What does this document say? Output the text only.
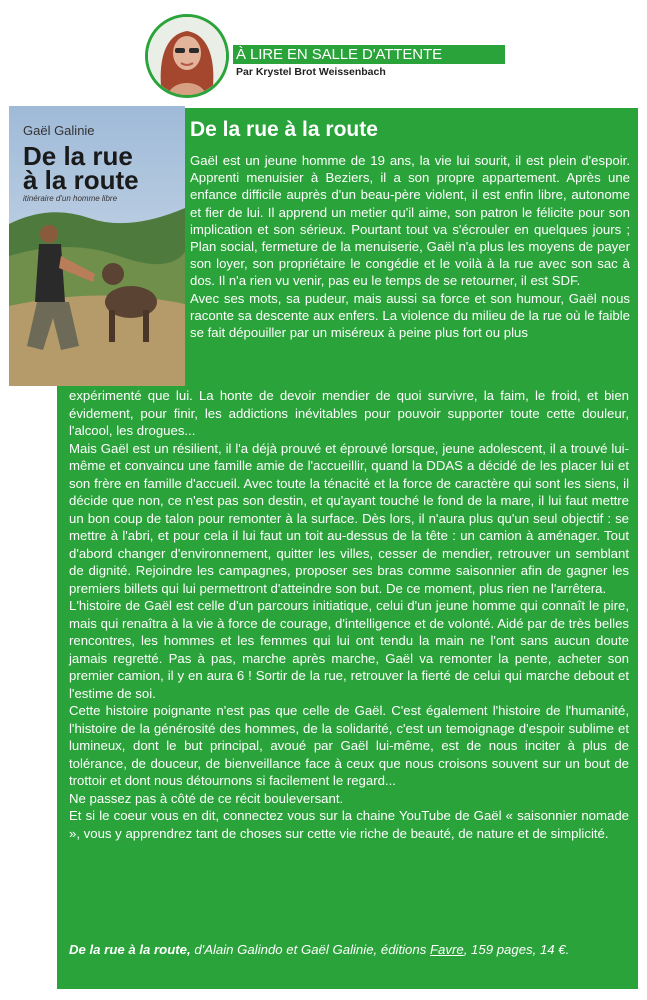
À LIRE EN SALLE D'ATTENTE
Par Krystel Brot Weissenbach
De la rue à la route

Gaël est un jeune homme de 19 ans, la vie lui sourit, il est plein d'espoir. Apprenti menuisier à Beziers, il a son propre appartement. Après une enfance difficile auprès d'un beau-père violent, il est enfin libre, autonome et fier de lui. Il apprend un metier qu'il aime, son patron le félicite pour son implication et son sérieux. Pourtant tout va s'écrouler en quelques jours ; Plan social, fermeture de la menuiserie, Gaël n'a plus les moyens de payer son loyer, son propriétaire le congédie et le voilà à la rue avec son sac à dos. Il n'a rien vu venir, pas eu le temps de se retourner, il est SDF.

Avec ses mots, sa pudeur, mais aussi sa force et son humour, Gaël nous raconte sa descente aux enfers. La violence du milieu de la rue où le faible se fait dépouiller par un miséreux à peine plus fort ou plus

expérimenté que lui. La honte de devoir mendier de quoi survivre, la faim, le froid, et bien évidement, pour finir, les addictions inévitables pour pouvoir supporter toute cette douleur, l'alcool, les drogues...

Mais Gaël est un résilient, il l'a déjà prouvé et éprouvé lorsque, jeune adolescent, il a trouvé lui-même et convaincu une famille amie de l'accueillir, quand la DDAS a décidé de les placer lui et son frère en famille d'accueil. Avec toute la ténacité et la force de caractère qui sont les siens, il décide que non, ce n'est pas son destin, et qu'ayant touché le fond de la mare, il lui faut mettre un bon coup de talon pour remonter à la surface. Dès lors, il n'aura plus qu'un seul objectif : se mettre à l'abri, et pour cela il lui faut un toit au-dessus de la tête : un camion à aménager. Tout d'abord changer d'environnement, quitter les villes, cesser de mendier, retrouver un semblant de dignité. Rejoindre les campagnes, proposer ses bras comme saisonnier afin de gagner les premiers billets qui lui permettront d'atteindre son but. De ce moment, plus rien ne l'arrêtera.

L'histoire de Gaël est celle d'un parcours initiatique, celui d'un jeune homme qui connaît le pire, mais qui renaîtra à la vie à force de courage, d'intelligence et de volonté. Aidé par de très belles rencontres, les hommes et les femmes qui lui ont tendu la main ne l'ont sans aucun doute jamais regretté. Pas à pas, marche après marche, Gaël va remonter la pente, acheter son premier camion, il y en aura 6 ! Sortir de la rue, retrouver la fierté de celui qui marche debout et l'estime de soi.

Cette histoire poignante n'est pas que celle de Gaël. C'est également l'histoire de l'humanité, l'histoire de la générosité des hommes, de la solidarité, c'est un temoignage d'espoir sublime et lumineux, dont le but principal, avoué par Gaël lui-même, est de nous inciter à plus de tolérance, de douceur, de bienveillance face à ceux que nous croisons souvent sur un bout de trottoir et dont nous détournons si facilement le regard...

Ne passez pas à côté de ce récit bouleversant.

Et si le coeur vous en dit, connectez vous sur la chaine YouTube de Gaël « saisonnier nomade », vous y apprendrez tant de choses sur cette vie riche de beauté, de nature et de simplicité.

De la rue à la route, d'Alain Galindo et Gaël Galinie, éditions Favre, 159 pages, 14 €.
Gaël Galinie
De la rue
à la route
itinéraire d'un homme libre
